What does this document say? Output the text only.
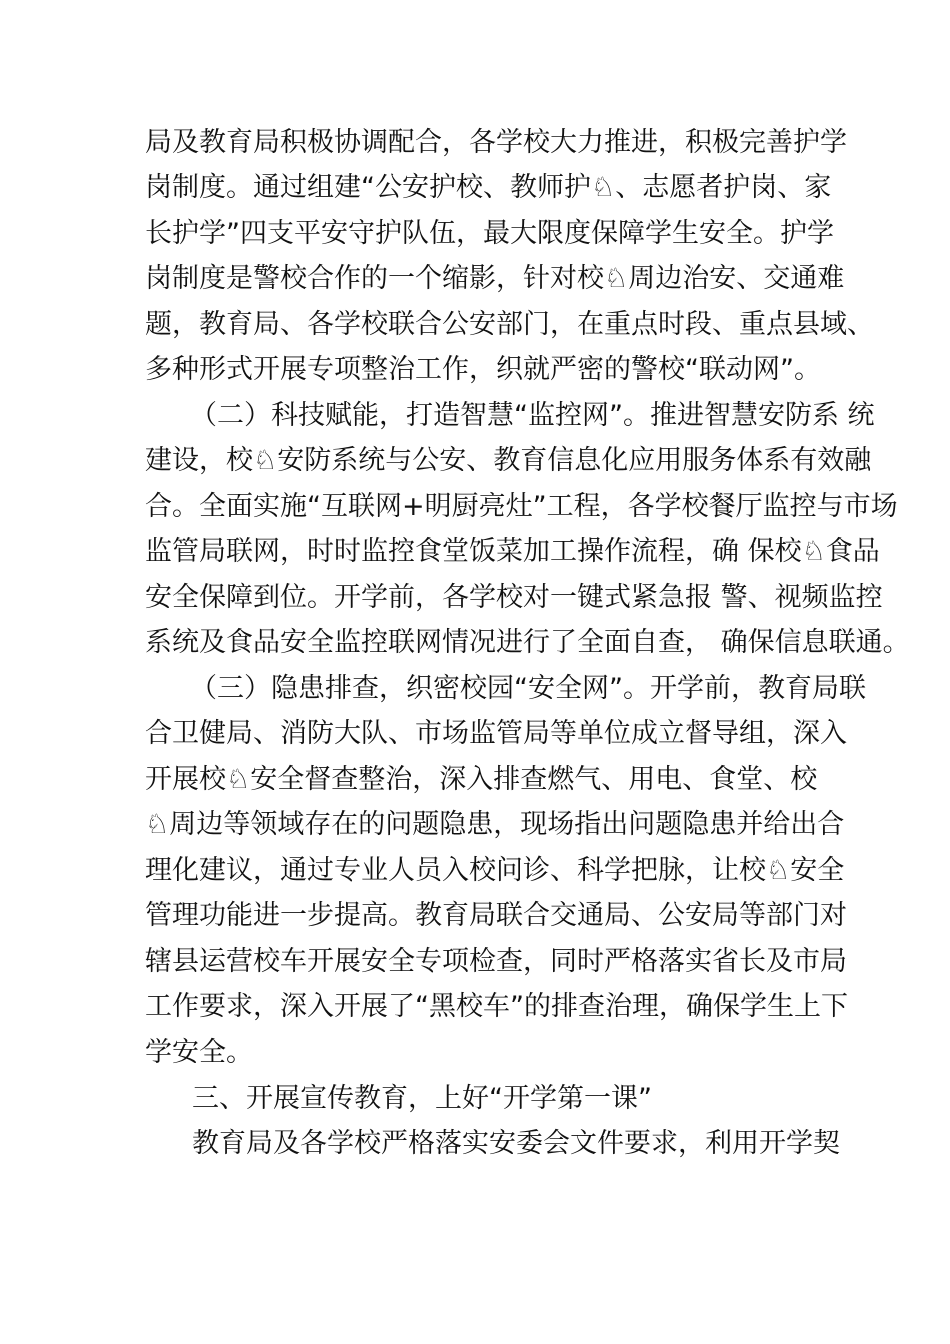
局及教育局积极协调配合，各学校大力推进，积极完善护学
岗制度。通过组建“公安护校、教师护♘、志愿者护岗、家
长护学”四支平安守护队伍，最大限度保障学生安全。护学
岗制度是警校合作的一个缩影，针对校♘周边治安、交通难
题，教育局、各学校联合公安部门，在重点时段、重点县域、
多种形式开展专项整治工作，织就严密的警校“联动网”。
（二）科技赋能，打造智慧“监控网”。推进智慧安防系 统
建设，校♘安防系统与公安、教育信息化应用服务体系有效融
合。全面实施“互联网+明厨亮灶”工程，各学校餐厅监控与市场
监管局联网，时时监控食堂饭菜加工操作流程，确 保校♘食品
安全保障到位。开学前，各学校对一键式紧急报 警、视频监控
系统及食品安全监控联网情况进行了全面自查， 确保信息联通。
（三）隐患排查，织密校园“安全网”。开学前，教育局联
合卫健局、消防大队、市场监管局等单位成立督导组，深入
开展校♘安全督查整治，深入排查燃气、用电、食堂、校
♘周边等领域存在的问题隐患，现场指出问题隐患并给出合
理化建议，通过专业人员入校问诊、科学把脉，让校♘安全
管理功能进一步提高。教育局联合交通局、公安局等部门对
辖县运营校车开展安全专项检查，同时严格落实省长及市局
工作要求，深入开展了“黑校车”的排查治理，确保学生上下
学安全。
三、开展宣传教育，上好“开学第一课”
教育局及各学校严格落实安委会文件要求，利用开学契
